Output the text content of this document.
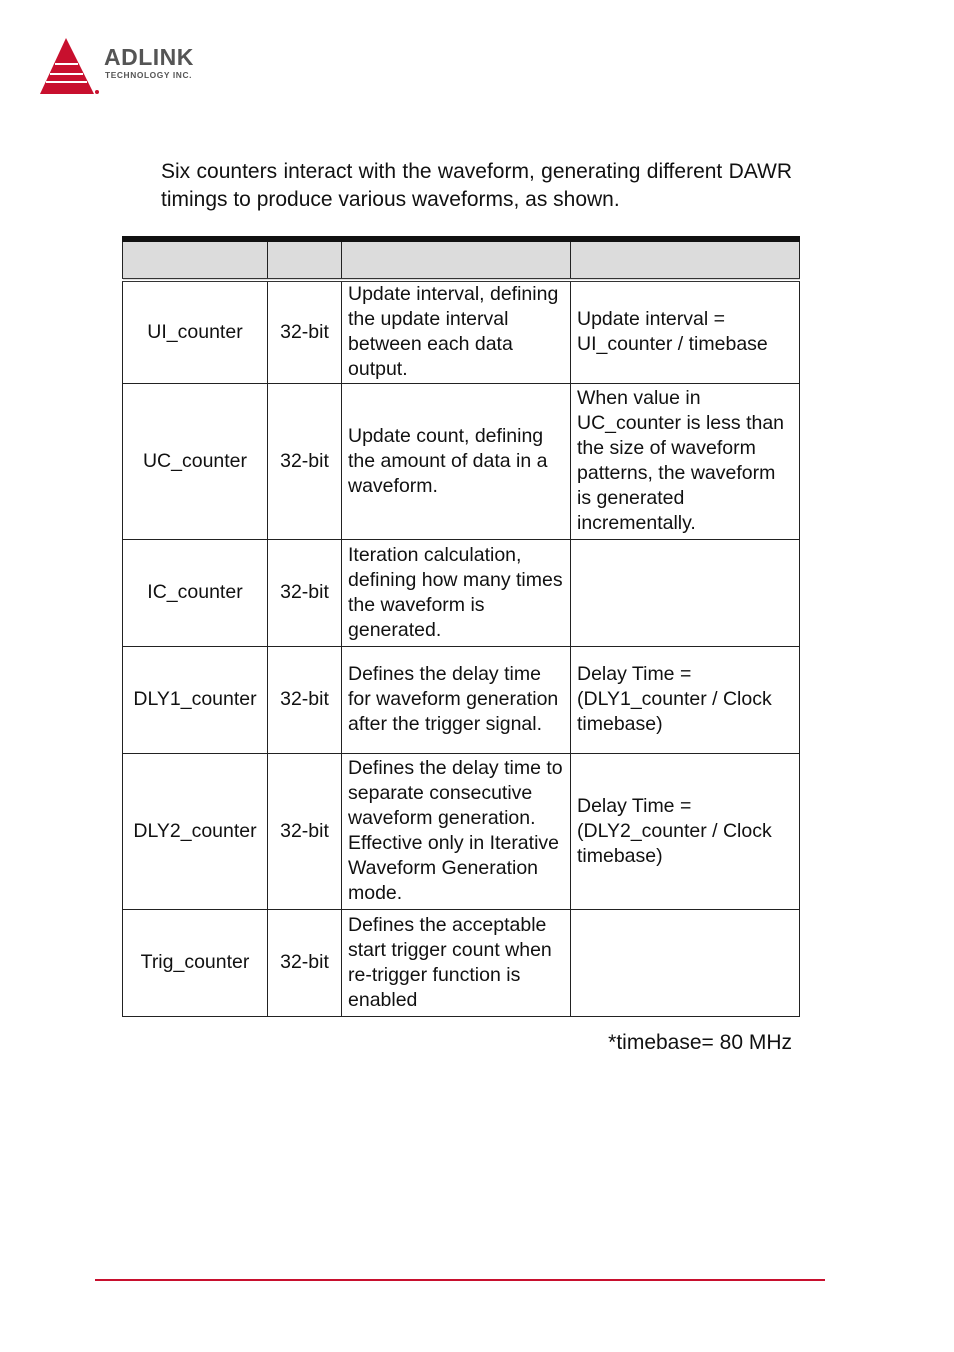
ADLINK
TECHNOLOGY INC.

Six counters interact with the waveform, generating different DAWR timings to produce various waveforms, as shown.

UI_counter	32-bit	Update interval, defining the update interval between each data output.	Update interval = UI_counter / timebase
UC_counter	32-bit	Update count, defining the amount of data in a waveform.	When value in UC_counter is less than the size of waveform patterns, the waveform is generated incrementally.
IC_counter	32-bit	Iteration calculation, defining how many times the waveform is generated.	
DLY1_counter	32-bit	Defines the delay time for waveform generation after the trigger signal.	Delay Time = (DLY1_counter / Clock timebase)
DLY2_counter	32-bit	Defines the delay time to separate consecutive waveform generation. Effective only in Iterative Waveform Generation mode.	Delay Time = (DLY2_counter / Clock timebase)
Trig_counter	32-bit	Defines the acceptable start trigger count when re-trigger function is enabled	
*timebase= 80 MHz
